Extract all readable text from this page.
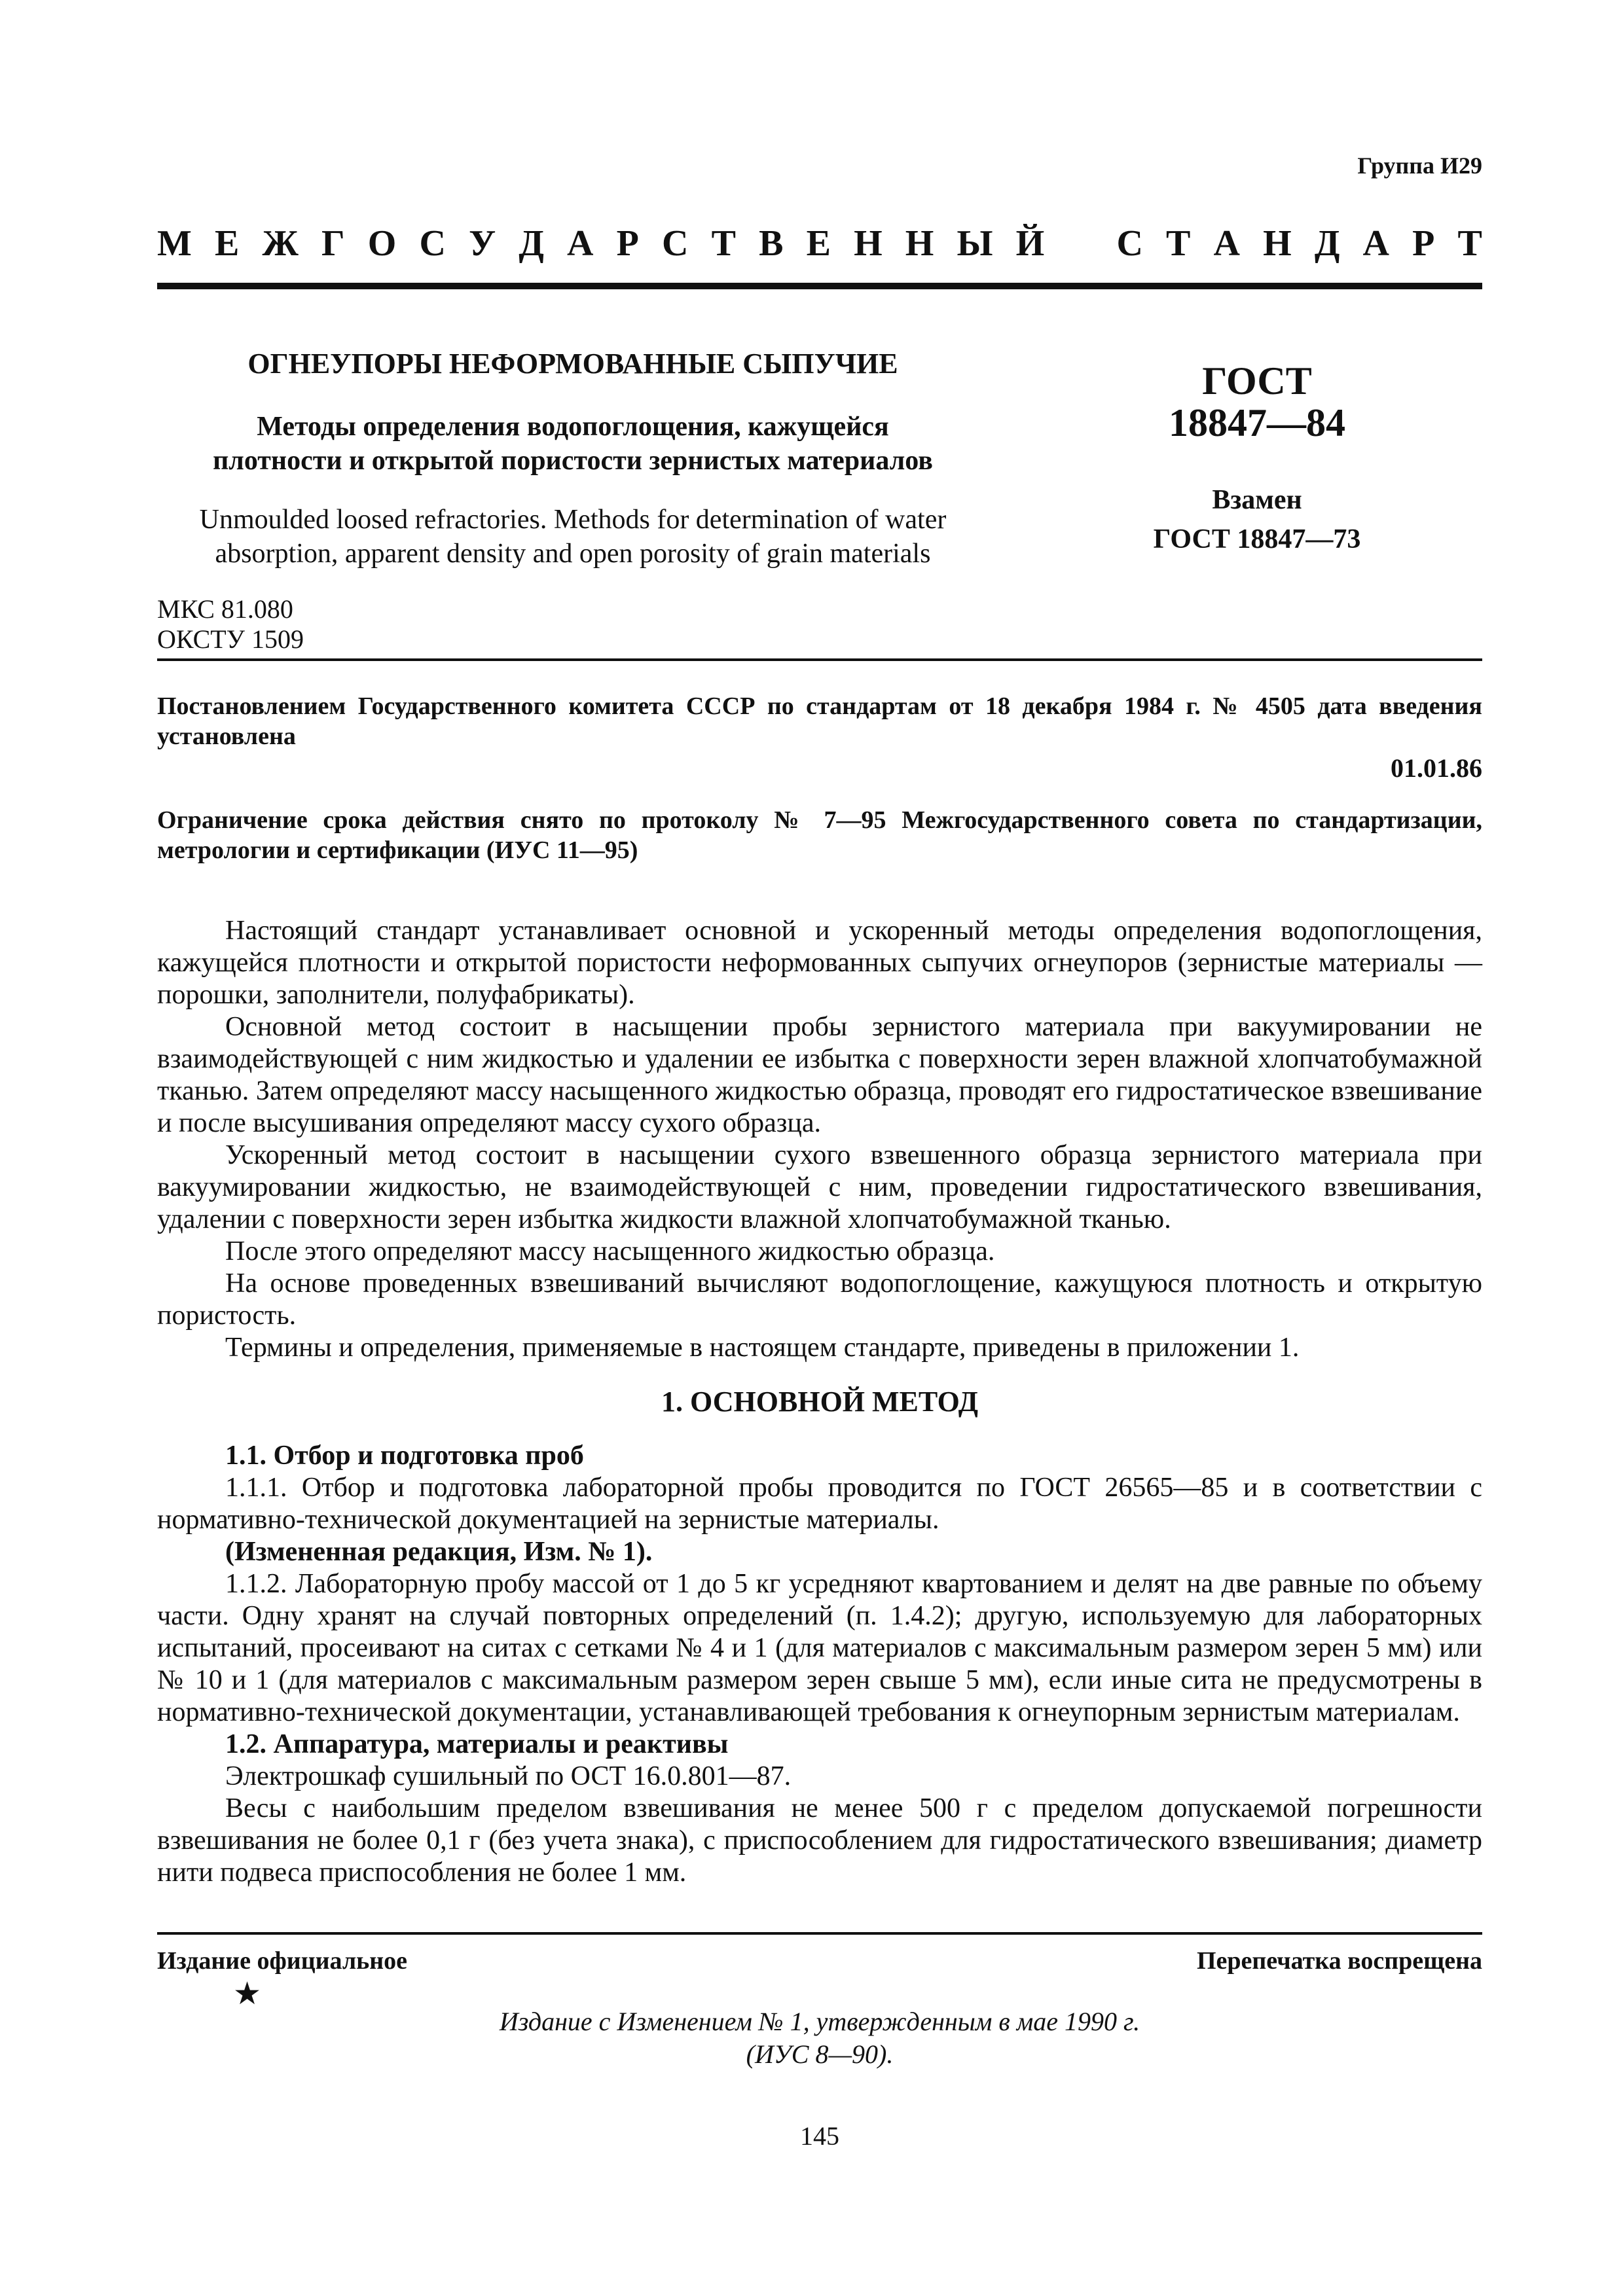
Группа И29
М Е Ж Г О С У Д А Р С Т В Е Н Н Ы Й С Т А Н Д А Р Т
ОГНЕУПОРЫ НЕФОРМОВАННЫЕ СЫПУЧИЕ
Методы определения водопоглощения, кажущейся
плотности и открытой пористости зернистых материалов
Unmoulded loosed refractories. Methods for determination of water
absorption, apparent density and open porosity of grain materials
ГОСТ
18847—84
Взамен
ГОСТ 18847—73
МКС 81.080
ОКСТУ 1509
Постановлением Государственного комитета СССР по стандартам от 18 декабря 1984 г. № 4505 дата введения установлена
01.01.86
Ограничение срока действия снято по протоколу № 7—95 Межгосударственного совета по стандартизации, метрологии и сертификации (ИУС 11—95)

Настоящий стандарт устанавливает основной и ускоренный методы определения водопоглощения, кажущейся плотности и открытой пористости неформованных сыпучих огнеупоров (зернистые материалы — порошки, заполнители, полуфабрикаты).

Основной метод состоит в насыщении пробы зернистого материала при вакуумировании не взаимодействующей с ним жидкостью и удалении ее избытка с поверхности зерен влажной хлопчатобумажной тканью. Затем определяют массу насыщенного жидкостью образца, проводят его гидростатическое взвешивание и после высушивания определяют массу сухого образца.

Ускоренный метод состоит в насыщении сухого взвешенного образца зернистого материала при вакуумировании жидкостью, не взаимодействующей с ним, проведении гидростатического взвешивания, удалении с поверхности зерен избытка жидкости влажной хлопчатобумажной тканью.

После этого определяют массу насыщенного жидкостью образца.

На основе проведенных взвешиваний вычисляют водопоглощение, кажущуюся плотность и открытую пористость.

Термины и определения, применяемые в настоящем стандарте, приведены в приложении 1.

1. ОСНОВНОЙ МЕТОД

1.1. Отбор и подготовка проб

1.1.1. Отбор и подготовка лабораторной пробы проводится по ГОСТ 26565—85 и в соответствии с нормативно-технической документацией на зернистые материалы.

(Измененная редакция, Изм. № 1).

1.1.2. Лабораторную пробу массой от 1 до 5 кг усредняют квартованием и делят на две равные по объему части. Одну хранят на случай повторных определений (п. 1.4.2); другую, используемую для лабораторных испытаний, просеивают на ситах с сетками № 4 и 1 (для материалов с максимальным размером зерен 5 мм) или № 10 и 1 (для материалов с максимальным размером зерен свыше 5 мм), если иные сита не предусмотрены в нормативно-технической документации, устанавливающей требования к огнеупорным зернистым материалам.

1.2. Аппаратура, материалы и реактивы

Электрошкаф сушильный по ОСТ 16.0.801—87.

Весы с наибольшим пределом взвешивания не менее 500 г с пределом допускаемой погрешности взвешивания не более 0,1 г (без учета знака), с приспособлением для гидростатического взвешивания; диаметр нити подвеса приспособления не более 1 мм.

Издание официальное	Перепечатка воспрещена
★
Издание с Изменением № 1, утвержденным в мае 1990 г.
(ИУС 8—90).
145
